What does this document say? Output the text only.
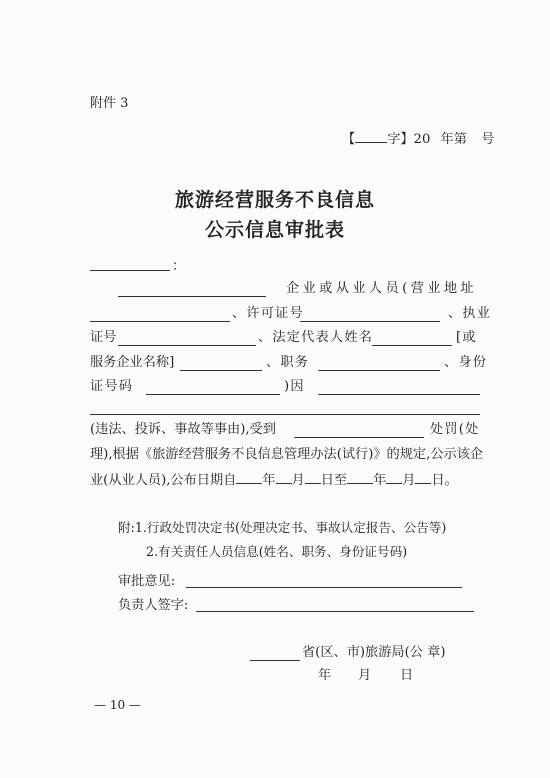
附件 3
【 字】20 年第 号
旅游经营服务不良信息
公示信息审批表
：
企业或从业人员(营业地址
、许可证号	、执业
证号	、法定代表人姓名	[或
服务企业名称]	、职务	、身份
证号码	)因
(违法、投诉、事故等事由),受到	处罚(处
理),根据《旅游经营服务不良信息管理办法(试行)》的规定,公示该企
业(从业人员),公布日期自 年 月 日至 年 月 日。
附:1.行政处罚决定书(处理决定书、事故认定报告、公告等)
2.有关责任人员信息(姓名、职务、身份证号码)
审批意见:
负责人签字:
省(区、市)旅游局(公 章)
年 月 日
— 10 —
